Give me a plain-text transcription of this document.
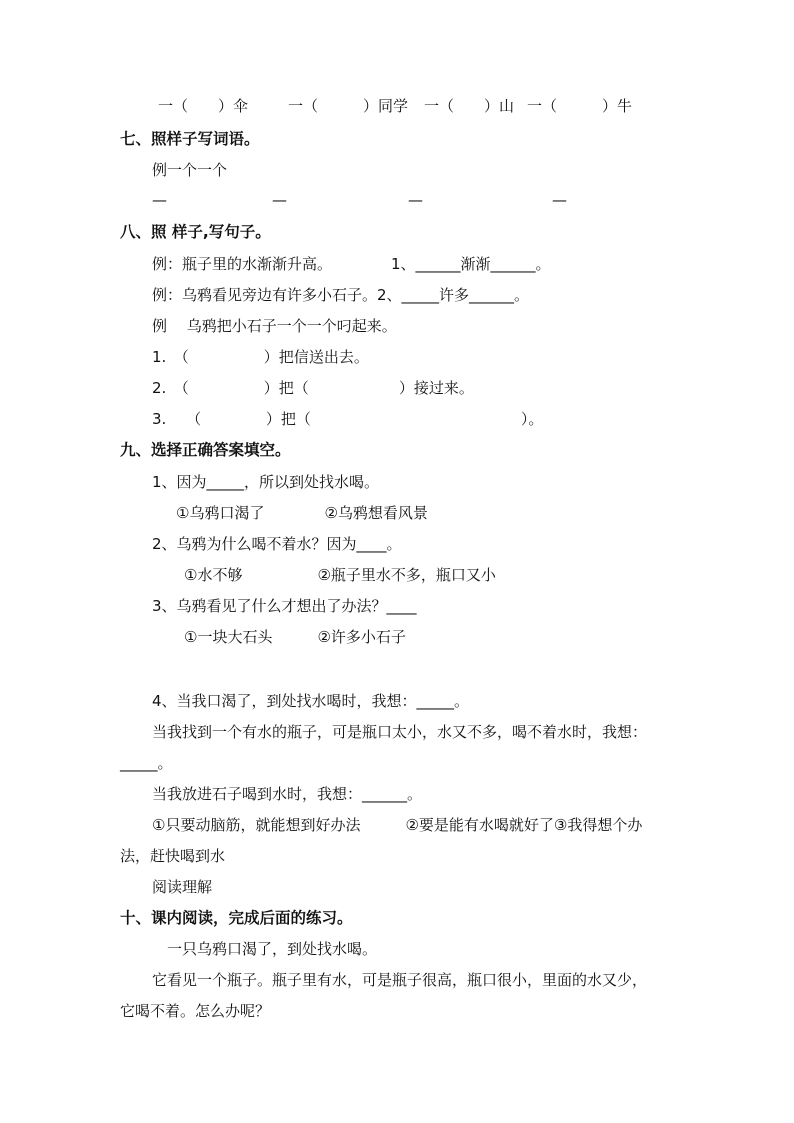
一（　　）伞	一（　　　）同学 一（　　）山 一（　　　）牛
七、照样子写词语。
例一个一个
—	—	—	—
八、照 样子,写句子。
例：瓶子里的水渐渐升高。	1、______渐渐______。
例：乌鸦看见旁边有许多小石子。2、_____许多______。
例　 乌鸦把小石子一个一个叼起来。
1.　（　　　　　）把信送出去。
2.　（　　　　　）把（　　　　　　）接过来。
3.　 （　　　　 ）把（　　　　　　　　　　　　　　）。
九、选择正确答案填空。
1、因为_____，所以到处找水喝。
①乌鸦口渴了　　　　②乌鸦想看风景
2、乌鸦为什么喝不着水？因为____。
①水不够　　　　　②瓶子里水不多，瓶口又小
3、乌鸦看见了什么才想出了办法？____
①一块大石头　　　②许多小石子
4、当我口渴了，到处找水喝时，我想：_____。
当我找到一个有水的瓶子，可是瓶口太小，水又不多，喝不着水时，我想：
_____。
当我放进石子喝到水时，我想：______。
①只要动脑筋，就能想到好办法　　　②要是能有水喝就好了③我得想个办
法，赶快喝到水
阅读理解
十、课内阅读，完成后面的练习。
　一只乌鸦口渴了，到处找水喝。
它看见一个瓶子。瓶子里有水，可是瓶子很高，瓶口很小，里面的水又少，
它喝不着。怎么办呢？
